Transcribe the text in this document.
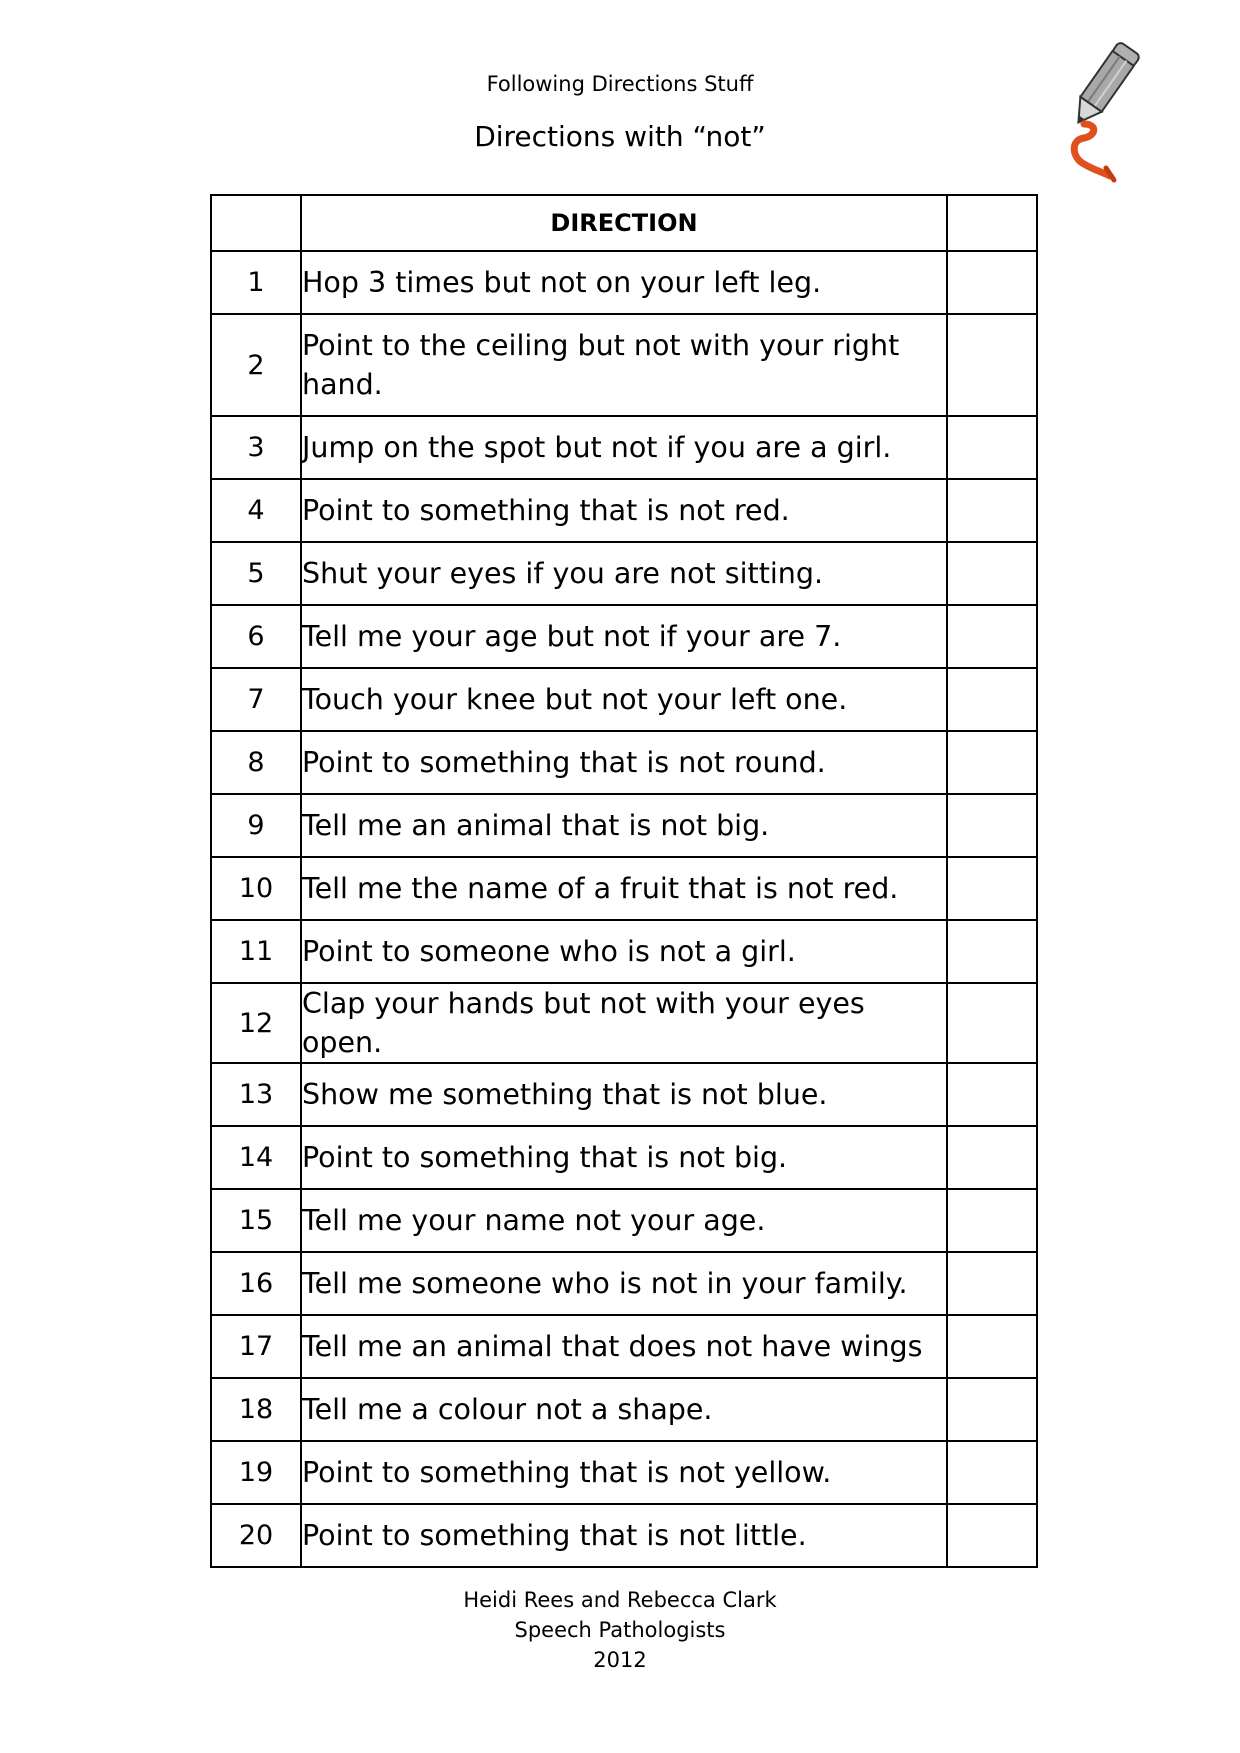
Following Directions Stuff
Directions with “not”
	DIRECTION	
1	Hop 3 times but not on your left leg.	
2	Point to the ceiling but not with your right hand.	
3	Jump on the spot but not if you are a girl.	
4	Point to something that is not red.	
5	Shut your eyes if you are not sitting.	
6	Tell me your age but not if your are 7.	
7	Touch your knee but not your left one.	
8	Point to something that is not round.	
9	Tell me an animal that is not big.	
10	Tell me the name of a fruit that is not red.	
11	Point to someone who is not a girl.	
12	Clap your hands but not with your eyes open.	
13	Show me something that is not blue.	
14	Point to something that is not big.	
15	Tell me your name not your age.	
16	Tell me someone who is not in your family.	
17	Tell me an animal that does not have wings	
18	Tell me a colour not a shape.	
19	Point to something that is not yellow.	
20	Point to something that is not little.	
Heidi Rees and Rebecca Clark
Speech Pathologists
2012
